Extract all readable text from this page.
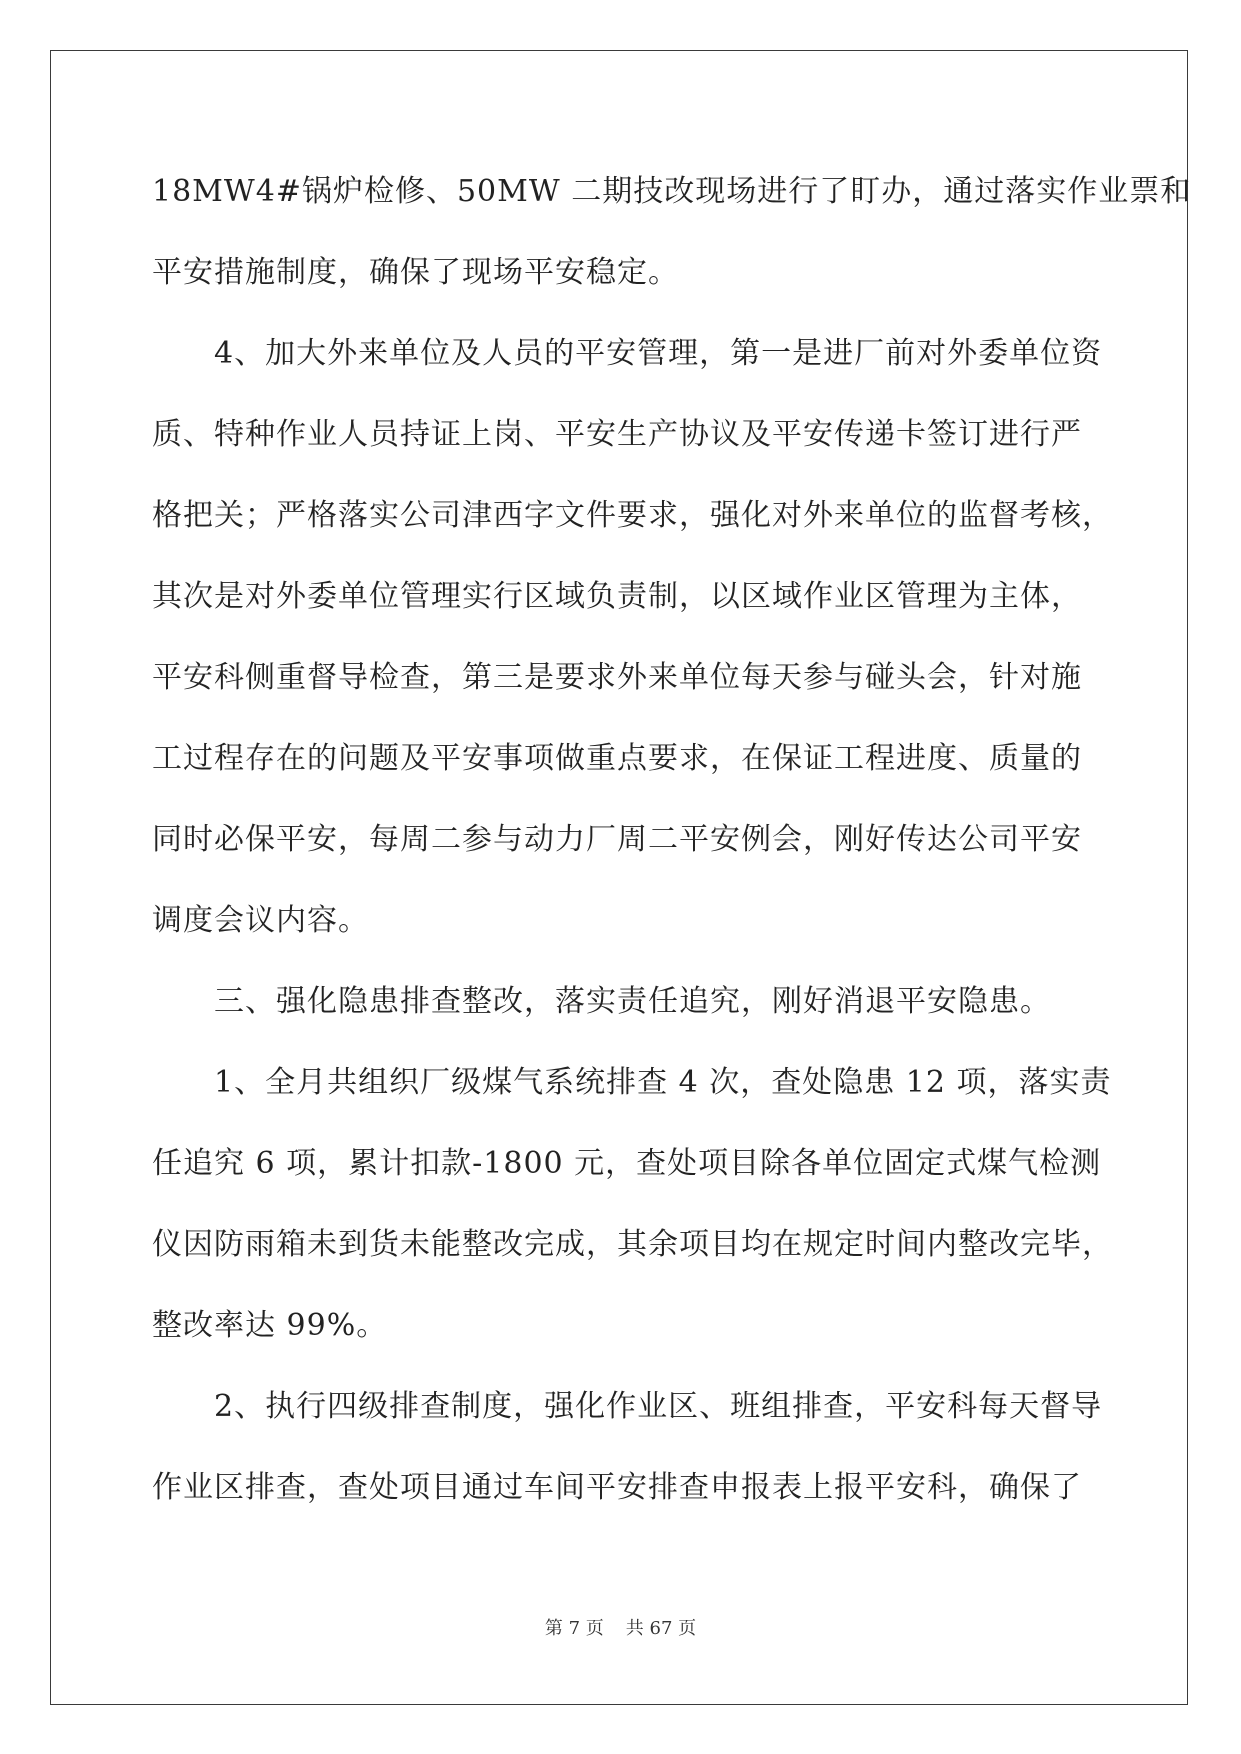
18MW4#锅炉检修、50MW 二期技改现场进行了盯办，通过落实作业票和
平安措施制度，确保了现场平安稳定。
　　4、加大外来单位及人员的平安管理，第一是进厂前对外委单位资
质、特种作业人员持证上岗、平安生产协议及平安传递卡签订进行严
格把关；严格落实公司津西字文件要求，强化对外来单位的监督考核，
其次是对外委单位管理实行区域负责制，以区域作业区管理为主体，
平安科侧重督导检查，第三是要求外来单位每天参与碰头会，针对施
工过程存在的问题及平安事项做重点要求，在保证工程进度、质量的
同时必保平安，每周二参与动力厂周二平安例会，刚好传达公司平安
调度会议内容。
　　三、强化隐患排查整改，落实责任追究，刚好消退平安隐患。
　　1、全月共组织厂级煤气系统排查 4 次，查处隐患 12 项，落实责
任追究 6 项，累计扣款-1800 元，查处项目除各单位固定式煤气检测
仪因防雨箱未到货未能整改完成，其余项目均在规定时间内整改完毕，
整改率达 99%。
　　2、执行四级排查制度，强化作业区、班组排查，平安科每天督导
作业区排查，查处项目通过车间平安排查申报表上报平安科，确保了
第 7 页 共 67 页
